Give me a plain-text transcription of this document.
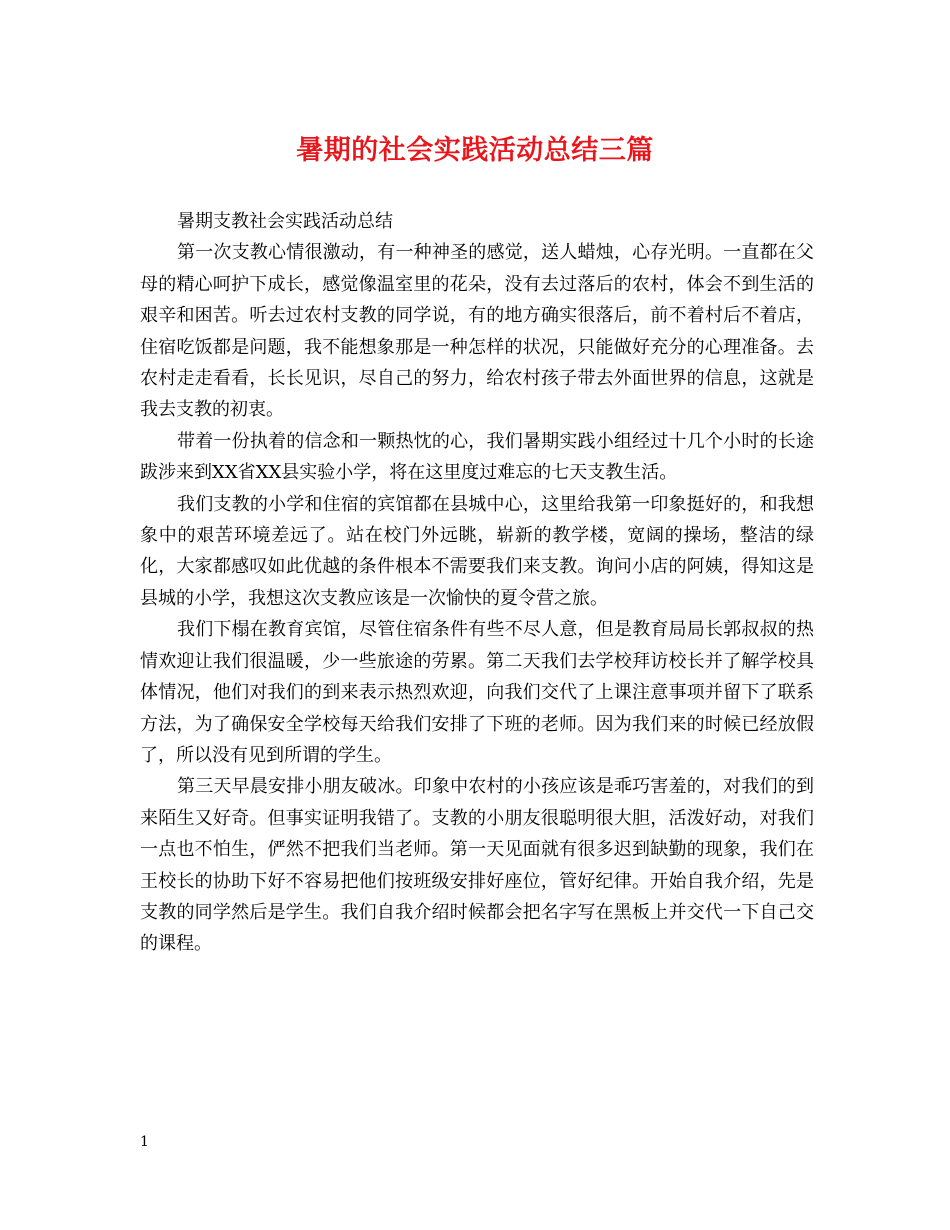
暑期的社会实践活动总结三篇

暑期支教社会实践活动总结

第一次支教心情很激动，有一种神圣的感觉，送人蜡烛，心存光明。一直都在父母的精心呵护下成长，感觉像温室里的花朵，没有去过落后的农村，体会不到生活的艰辛和困苦。听去过农村支教的同学说，有的地方确实很落后，前不着村后不着店，住宿吃饭都是问题，我不能想象那是一种怎样的状况，只能做好充分的心理准备。去农村走走看看，长长见识，尽自己的努力，给农村孩子带去外面世界的信息，这就是我去支教的初衷。

带着一份执着的信念和一颗热忱的心，我们暑期实践小组经过十几个小时的长途跋涉来到XX省XX县实验小学，将在这里度过难忘的七天支教生活。

我们支教的小学和住宿的宾馆都在县城中心，这里给我第一印象挺好的，和我想象中的艰苦环境差远了。站在校门外远眺，崭新的教学楼，宽阔的操场，整洁的绿化，大家都感叹如此优越的条件根本不需要我们来支教。询问小店的阿姨，得知这是县城的小学，我想这次支教应该是一次愉快的夏令营之旅。

我们下榻在教育宾馆，尽管住宿条件有些不尽人意，但是教育局局长郭叔叔的热情欢迎让我们很温暖，少一些旅途的劳累。第二天我们去学校拜访校长并了解学校具体情况，他们对我们的到来表示热烈欢迎，向我们交代了上课注意事项并留下了联系方法，为了确保安全学校每天给我们安排了下班的老师。因为我们来的时候已经放假了，所以没有见到所谓的学生。

第三天早晨安排小朋友破冰。印象中农村的小孩应该是乖巧害羞的，对我们的到来陌生又好奇。但事实证明我错了。支教的小朋友很聪明很大胆，活泼好动，对我们一点也不怕生，俨然不把我们当老师。第一天见面就有很多迟到缺勤的现象，我们在王校长的协助下好不容易把他们按班级安排好座位，管好纪律。开始自我介绍，先是支教的同学然后是学生。我们自我介绍时候都会把名字写在黑板上并交代一下自己交的课程。

1
